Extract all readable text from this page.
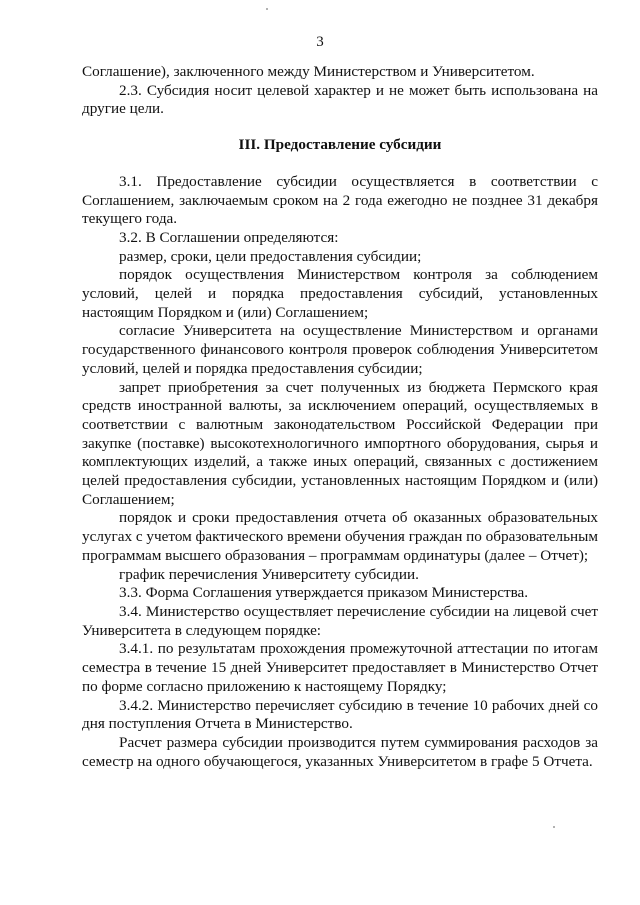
3

Соглашение), заключенного между Министерством и Университетом.

2.3. Субсидия носит целевой характер и не может быть использована на другие цели.

III. Предоставление субсидии

3.1. Предоставление субсидии осуществляется в соответствии с Соглашением, заключаемым сроком на 2 года ежегодно не позднее 31 декабря текущего года.

3.2. В Соглашении определяются:

размер, сроки, цели предоставления субсидии;

порядок осуществления Министерством контроля за соблюдением условий, целей и порядка предоставления субсидий, установленных настоящим Порядком и (или) Соглашением;

согласие Университета на осуществление Министерством и органами государственного финансового контроля проверок соблюдения Университетом условий, целей и порядка предоставления субсидии;

запрет приобретения за счет полученных из бюджета Пермского края средств иностранной валюты, за исключением операций, осуществляемых в соответствии с валютным законодательством Российской Федерации при закупке (поставке) высокотехнологичного импортного оборудования, сырья и комплектующих изделий, а также иных операций, связанных с достижением целей предоставления субсидии, установленных настоящим Порядком и (или) Соглашением;

порядок и сроки предоставления отчета об оказанных образовательных услугах с учетом фактического времени обучения граждан по образовательным программам высшего образования – программам ординатуры (далее – Отчет);

график перечисления Университету субсидии.

3.3. Форма Соглашения утверждается приказом Министерства.

3.4. Министерство осуществляет перечисление субсидии на лицевой счет Университета в следующем порядке:

3.4.1. по результатам прохождения промежуточной аттестации по итогам семестра в течение 15 дней Университет предоставляет в Министерство Отчет по форме согласно приложению к настоящему Порядку;

3.4.2. Министерство перечисляет субсидию в течение 10 рабочих дней со дня поступления Отчета в Министерство.

Расчет размера субсидии производится путем суммирования расходов за семестр на одного обучающегося, указанных Университетом в графе 5 Отчета.
